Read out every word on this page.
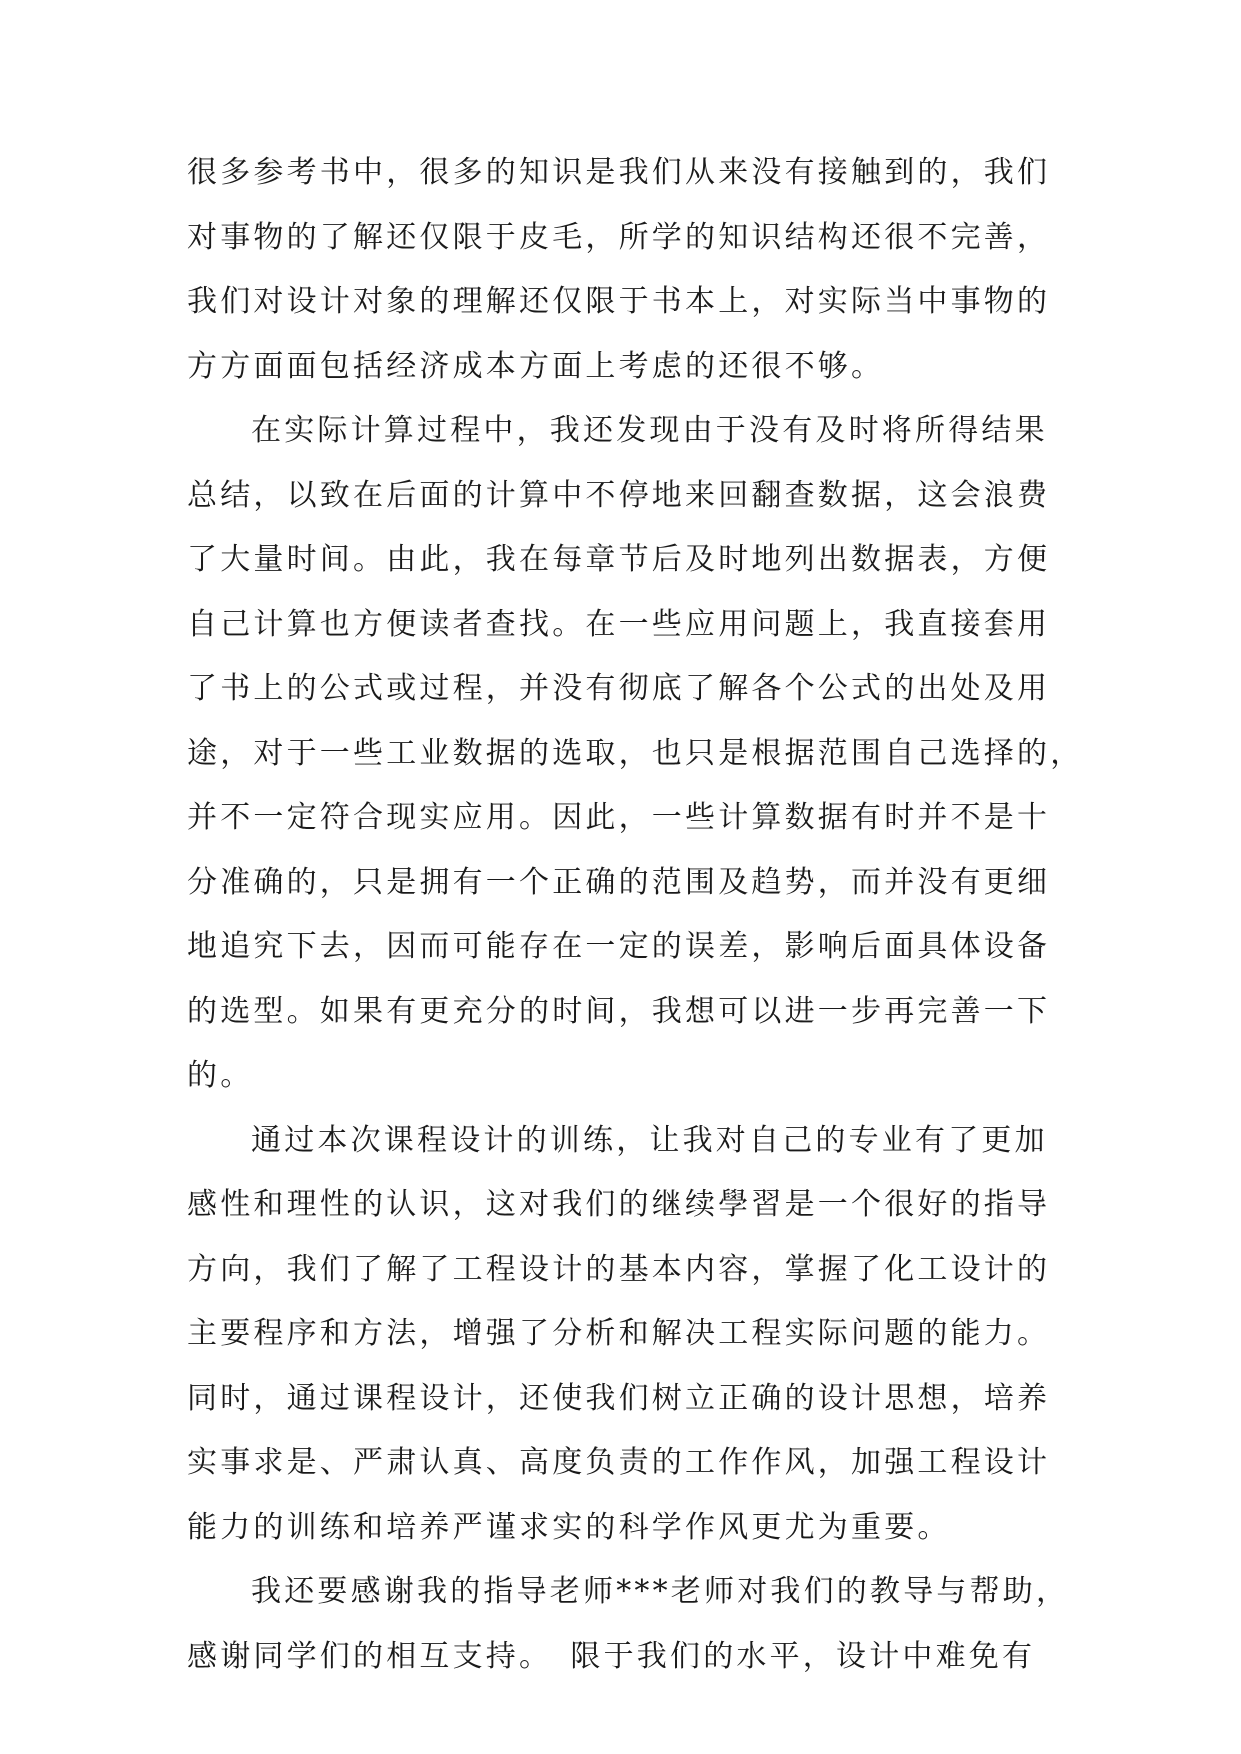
很多参考书中，很多的知识是我们从来没有接触到的，我们
对事物的了解还仅限于皮毛，所学的知识结构还很不完善，
我们对设计对象的理解还仅限于书本上，对实际当中事物的
方方面面包括经济成本方面上考虑的还很不够。
在实际计算过程中，我还发现由于没有及时将所得结果
总结，以致在后面的计算中不停地来回翻查数据，这会浪费
了大量时间。由此，我在每章节后及时地列出数据表，方便
自己计算也方便读者查找。在一些应用问题上，我直接套用
了书上的公式或过程，并没有彻底了解各个公式的出处及用
途，对于一些工业数据的选取，也只是根据范围自己选择的，
并不一定符合现实应用。因此，一些计算数据有时并不是十
分准确的，只是拥有一个正确的范围及趋势，而并没有更细
地追究下去，因而可能存在一定的误差，影响后面具体设备
的选型。如果有更充分的时间，我想可以进一步再完善一下
的。
通过本次课程设计的训练，让我对自己的专业有了更加
感性和理性的认识，这对我们的继续學習是一个很好的指导
方向，我们了解了工程设计的基本内容，掌握了化工设计的
主要程序和方法，增强了分析和解决工程实际问题的能力。
同时，通过课程设计，还使我们树立正确的设计思想，培养
实事求是、严肃认真、高度负责的工作作风，加强工程设计
能力的训练和培养严谨求实的科学作风更尤为重要。
我还要感谢我的指导老师***老师对我们的教导与帮助，
感谢同学们的相互支持。　限于我们的水平，设计中难免有
